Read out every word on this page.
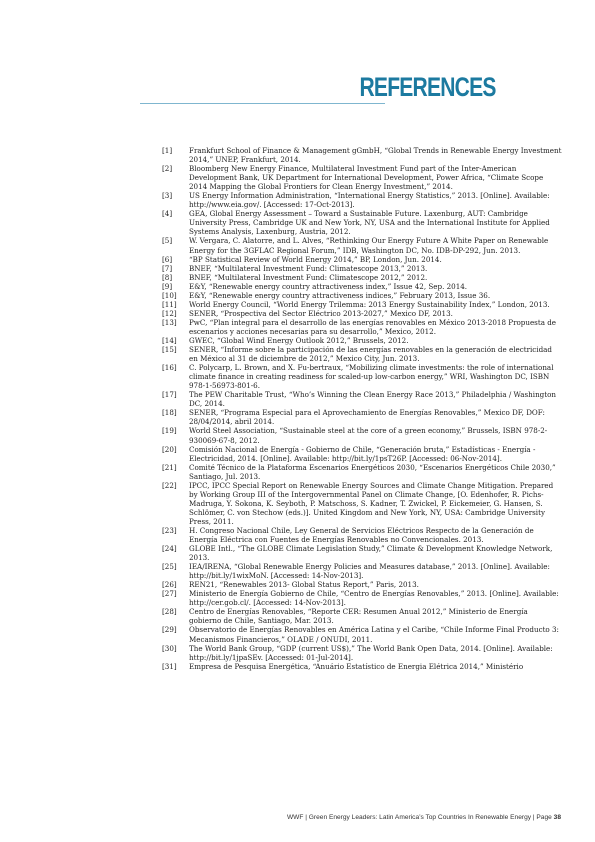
REFERENCES
[1]	Frankfurt School of Finance & Management gGmbH, “Global Trends in Renewable Energy Investment 2014,” UNEP, Frankfurt, 2014.
[2]	Bloomberg New Energy Finance, Multilateral Investment Fund part of the Inter-American Development Bank, UK Department for International Development, Power Africa, “Climate Scope 2014 Mapping the Global Frontiers for Clean Energy Investment,” 2014.
[3]	US Energy Information Administration, “International Energy Statistics,” 2013. [Online]. Available: http://www.eia.gov/. [Accessed: 17-Oct-2013].
[4]	GEA, Global Energy Assessment – Toward a Sustainable Future. Laxenburg, AUT: Cambridge University Press, Cambridge UK and New York, NY, USA and the International Institute for Applied Systems Analysis, Laxenburg, Austria, 2012.
[5]	W. Vergara, C. Alatorre, and L. Alves, “Rethinking Our Energy Future A White Paper on Renewable Energy for the 3GFLAC Regional Forum,” IDB, Washington DC, No. IDB-DP-292, Jun. 2013.
[6]	“BP Statistical Review of World Energy 2014,” BP, London, Jun. 2014.
[7]	BNEF, “Multilateral Investment Fund: Climatescope 2013,” 2013.
[8]	BNEF, “Multilateral Investment Fund: Climatescope 2012,” 2012.
[9]	E&Y, “Renewable energy country attractiveness index,” Issue 42, Sep. 2014.
[10]	E&Y, “Renewable energy country attractiveness indices,” February 2013, Issue 36.
[11]	World Energy Council, “World Energy Trilemma: 2013 Energy Sustainability Index,” London, 2013.
[12]	SENER, “Prospectiva del Sector Eléctrico 2013-2027,” Mexico DF, 2013.
[13]	PwC, “Plan integral para el desarrollo de las energías renovables en México 2013-2018 Propuesta de escenarios y acciones necesarias para su desarrollo,” Mexico, 2012.
[14]	GWEC, “Global Wind Energy Outlook 2012,” Brussels, 2012.
[15]	SENER, “Informe sobre la participación de las energías renovables en la generación de electricidad en México al 31 de diciembre de 2012,” Mexico City, Jun. 2013.
[16]	C. Polycarp, L. Brown, and X. Fu-bertraux, “Mobilizing climate investments: the role of international climate finance in creating readiness for scaled-up low-carbon energy,” WRI, Washington DC, ISBN 978-1-56973-801-6.
[17]	The PEW Charitable Trust, “Who’s Winning the Clean Energy Race 2013,” Philadelphia / Washington DC, 2014.
[18]	SENER, “Programa Especial para el Aprovechamiento de Energías Renovables,” Mexico DF, DOF: 28/04/2014, abril 2014.
[19]	World Steel Association, “Sustainable steel at the core of a green economy,” Brussels, ISBN 978-2-930069-67-8, 2012.
[20]	Comisión Nacional de Energía - Gobierno de Chile, “Generación bruta,” Estadísticas - Energía - Electricidad, 2014. [Online]. Available: http://bit.ly/1psT26P. [Accessed: 06-Nov-2014].
[21]	Comité Técnico de la Plataforma Escenarios Energéticos 2030, “Escenarios Energéticos Chile 2030,” Santiago, Jul. 2013.
[22]	IPCC, IPCC Special Report on Renewable Energy Sources and Climate Change Mitigation. Prepared by Working Group III of the Intergovernmental Panel on Climate Change, [O. Edenhofer, R. Pichs-Madruga, Y. Sokona, K. Seyboth, P. Matschoss, S. Kadner, T. Zwickel, P. Eickemeier, G. Hansen, S. Schlömer, C. von Stechow (eds.)]. United Kingdom and New York, NY, USA: Cambridge University Press, 2011.
[23]	H. Congreso Nacional Chile, Ley General de Servicios Eléctricos Respecto de la Generación de Energía Eléctrica con Fuentes de Energías Renovables no Convencionales. 2013.
[24]	GLOBE Intl., “The GLOBE Climate Legislation Study,” Climate & Development Knowledge Network, 2013.
[25]	IEA/IRENA, “Global Renewable Energy Policies and Measures database,” 2013. [Online]. Available: http://bit.ly/1wixMoN. [Accessed: 14-Nov-2013].
[26]	REN21, “Renewables 2013- Global Status Report,” Paris, 2013.
[27]	Ministerio de Energía Gobierno de Chile, “Centro de Energías Renovables,” 2013. [Online]. Available: http://cer.gob.cl/. [Accessed: 14-Nov-2013].
[28]	Centro de Energías Renovables, “Reporte CER: Resumen Anual 2012,” Ministerio de Energía gobierno de Chile, Santiago, Mar. 2013.
[29]	Observatorio de Energías Renovables en América Latina y el Caribe, “Chile Informe Final Producto 3: Mecanismos Financieros,” OLADE / ONUDI, 2011.
[30]	The World Bank Group, “GDP (current US$),” The World Bank Open Data, 2014. [Online]. Available: http://bit.ly/1jpaSEv. [Accessed: 01-Jul-2014].
[31]	Empresa de Pesquisa Energética, “Anuário Estatístico de Energia Elétrica 2014,” Ministério
WWF | Green Energy Leaders: Latin America’s Top Countries In Renewable Energy | Page 38
